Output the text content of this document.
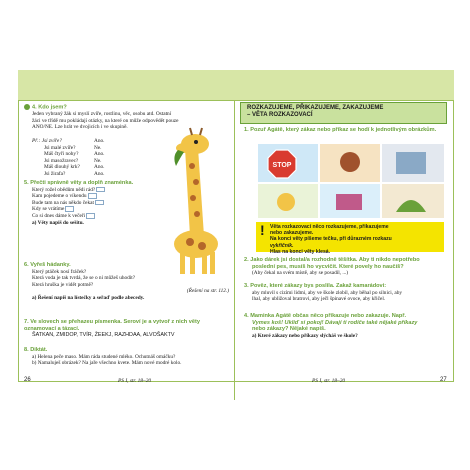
4. Kdo jsem?
Jeden vybraný žák si myslí zvíře, rostlinu, věc, osobu atd. Ostatní
žáci ve třídě mu pokládají otázky, na které on může odpovědět pouze
ANO/NE. Lze hrát ve dvojicích i ve skupině.
Př.: Jsi zvíře?	Ano.
Jsi malé zvíře?	Ne.
Máš čtyři nohy?	Ano.
Jsi masožravec?	Ne.
Máš dlouhý krk?	Ano.
Jsi žirafa?	Ano.
5. Přečti správně věty a doplň znaménka.
Který rožel obědům nědi rád?
Kam pojedeme o víkendu
Bude tam na nás někdo čekat
Kdy se vrátíme
Co si dnes dáme k večeři
a) Věty napiš do sešitu.
6. Vyřeš hádanky.
Který ptáček nosí fráček?
Která voda je tak tvrdá, že se o ni můžeš uhodit?
Která hruška je vidět potmě?
(Řešení na str. 112.)
a) Řešení napiš na lístečky a seřaď podle abecedy.
7. Ve slovech se přehazeu písmenka. Seroví je a vytvoř z nich věty oznamovací a tázací.
ŠATKAN, ZMIDOP, TVÍR, ŽEEKJ, RAZHDAA, ALVOŠAKTV
8. Diktát.
a) Helena peče maso. Mám ráda studené mléko. Ochutnáš omáčku?
b) Namaluješ obrázek? Na jaře všechno kvete. Mám nové modré kolo.
26	PS I, str. 18–20
ROZKAZUJEME, PŘIKAZUJEME, ZAKAZUJEME
– VĚTA ROZKAZOVACÍ
1. Pozuř Agátě, který zákaz nebo příkaz se hodí k jednotlivým obrázkům.
STOP
! Věta rozkazovací něco rozkazujeme, přikazujeme
nebo zakazujeme.
Na konci věty píšeme tečku, při důrazném rozkazu
vykřičník.
Hlas na konci věty klesá.
2. Jako dárek jsi dostal/a rozhodně těšítka. Aby ti nikdo nepotřebo
poslední pes, musíš ho vycvičit. Které povely ho naučíš?
(Aby čekal na svém místě, aby se posadil, ...)
3. Pověz, které zákazy bys poslila. Zakaž kamarádovi:
aby mluvil s cizími lidmi, aby ve škole zlobil, aby běhal po silnici, aby
lhal, aby ubližoval bratrovi, aby ječl špinavé ovoce, aby křičel.
4. Maminka Agátě občas něco přikazuje nebo zakazuje. Např.
Vymes koš! Ukliď si pokoj! Dávají ti rodiče také nějaké příkazy
nebo zákazy? Nějaké napiš.
a) Které zákazy nebo příkazy slýcháš ve škole?
PS I, str. 18–20	27
